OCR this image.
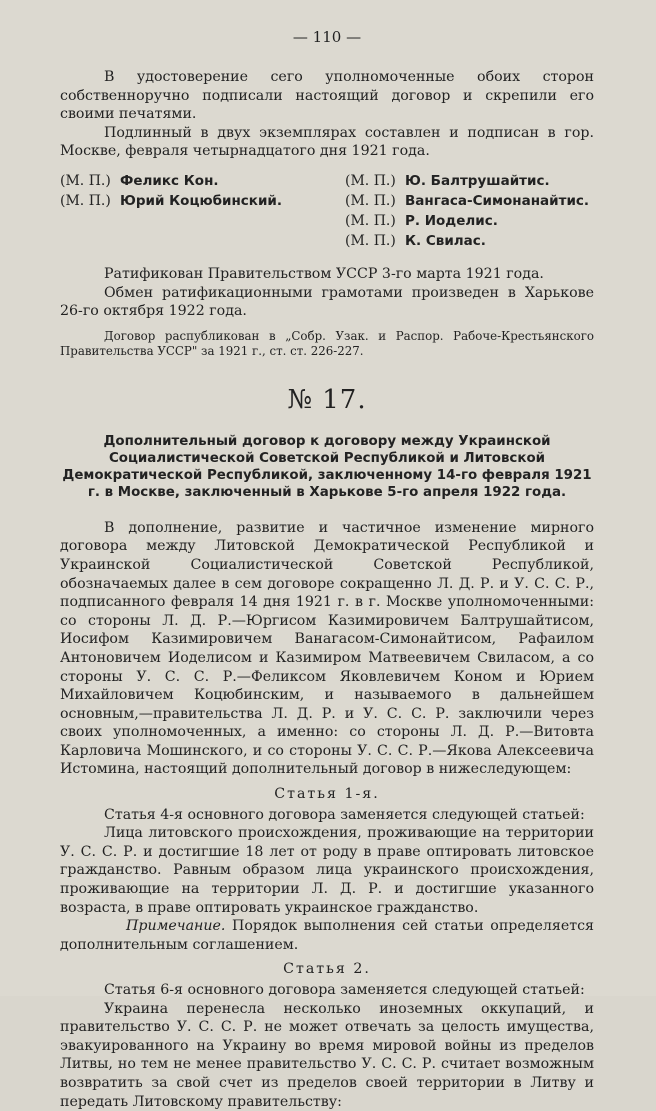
— 110 —

В удостоверение сего уполномоченные обоих сторон собственноручно подписали настоящий договор и скрепили его своими печатями.

Подлинный в двух экземплярах составлен и подписан в гор. Москве, февраля четырнадцатого дня 1921 года.

(М. П.) Феликс Кон.
(М. П.) Юрий Коцюбинский.
(М. П.) Ю. Балтрушайтис.
(М. П.) Вангаса-Симонанайтис.
(М. П.) Р. Иоделис.
(М. П.) К. Свилас.

Ратификован Правительством УССР 3-го марта 1921 года.

Обмен ратификационными грамотами произведен в Харькове 26-го октября 1922 года.

Договор распубликован в „Собр. Узак. и Распор. Рабоче-Крестьянского Правительства УССР" за 1921 г., ст. ст. 226-227.

№ 17.
Дополнительный договор к договору между Украинской Социалистической Советской Республикой и Литовской Демократической Республикой, заключенному 14-го февраля 1921 г. в Москве, заключенный в Харькове 5-го апреля 1922 года.

В дополнение, развитие и частичное изменение мирного договора между Литовской Демократической Республикой и Украинской Социалистической Советской Республикой, обозначаемых далее в сем договоре сокращенно Л. Д. Р. и У. С. С. Р., подписанного февраля 14 дня 1921 г. в г. Москве уполномоченными: со стороны Л. Д. Р.—Юргисом Казимировичем Балтрушайтисом, Иосифом Казимировичем Ванагасом-Симонайтисом, Рафаилом Антоновичем Иоделисом и Казимиром Матвеевичем Свиласом, а со стороны У. С. С. Р.—Феликсом Яковлевичем Коном и Юрием Михайловичем Коцюбинским, и называемого в дальнейшем основным,—правительства Л. Д. Р. и У. С. С. Р. заключили через своих уполномоченных, а именно: со стороны Л. Д. Р.—Витовта Карловича Мошинского, и со стороны У. С. С. Р.—Якова Алексеевича Истомина, настоящий дополнительный договор в нижеследующем:

Статья 1-я.

Статья 4-я основного договора заменяется следующей статьей:

Лица литовского происхождения, проживающие на территории У. С. С. Р. и достигшие 18 лет от роду в праве оптировать литовское гражданство. Равным образом лица украинского происхождения, проживающие на территории Л. Д. Р. и достигшие указанного возраста, в праве оптировать украинское гражданство.

Примечание. Порядок выполнения сей статьи определяется дополнительным соглашением.

Статья 2.

Статья 6-я основного договора заменяется следующей статьей:

Украина перенесла несколько иноземных оккупаций, и правительство У. С. С. Р. не может отвечать за целость имущества, эвакуированного на Украину во время мировой войны из пределов Литвы, но тем не менее правительство У. С. С. Р. считает возможным возвратить за свой счет из пределов своей территории в Литву и передать Литовскому правительству:
